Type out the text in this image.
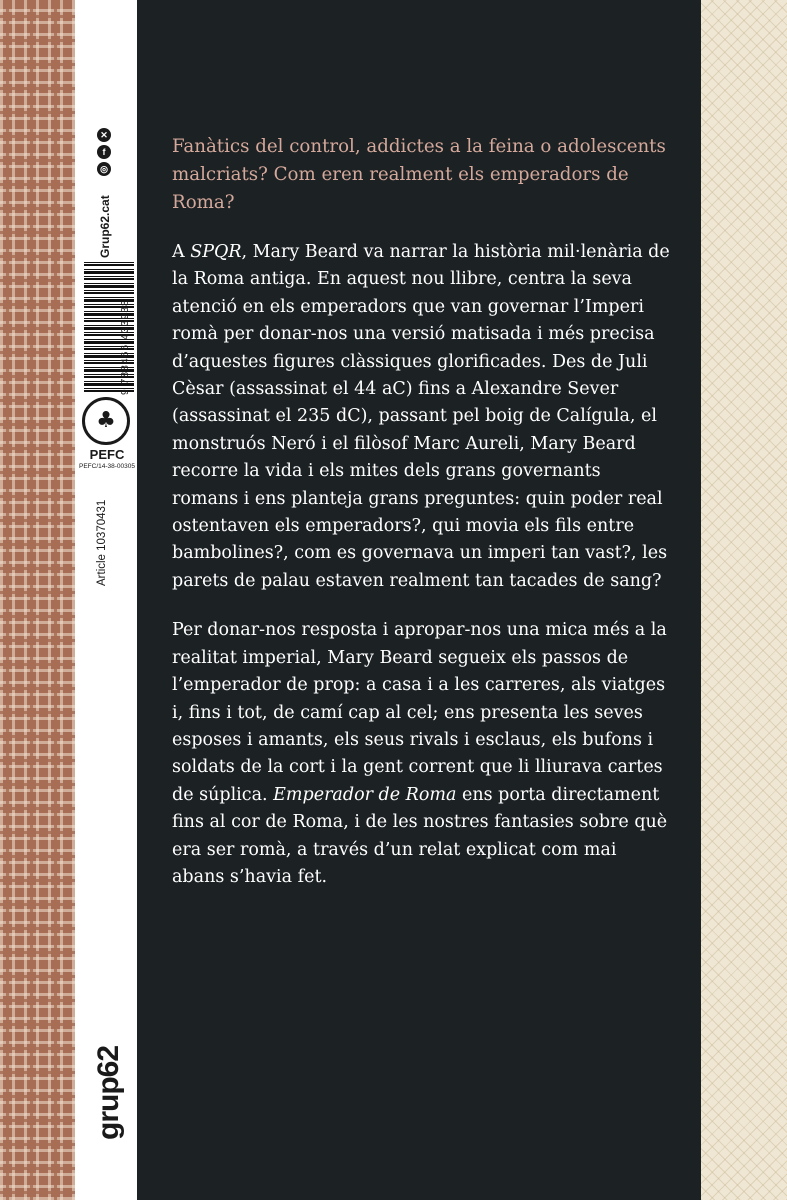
Grup62.cat
◎
f
✕
9 788466 433938
♣
PEFC
PEFC/14-38-00305
Article 10370431
grup62

Fanàtics del control, addictes a la feina o adolescents malcriats? Com eren realment els emperadors de Roma?

A SPQR, Mary Beard va narrar la història mil·lenària de la Roma antiga. En aquest nou llibre, centra la seva atenció en els emperadors que van governar l’Imperi romà per donar-nos una versió matisada i més precisa d’aquestes figures clàssiques glorificades. Des de Juli Cèsar (assassinat el 44 aC) fins a Alexandre Sever (assassinat el 235 dC), passant pel boig de Calígula, el monstruós Neró i el filòsof Marc Aureli, Mary Beard recorre la vida i els mites dels grans governants romans i ens planteja grans preguntes: quin poder real ostentaven els emperadors?, qui movia els fils entre bambolines?, com es governava un imperi tan vast?, les parets de palau estaven realment tan tacades de sang?

Per donar-nos resposta i apropar-nos una mica més a la realitat imperial, Mary Beard segueix els passos de l’emperador de prop: a casa i a les carreres, als viatges i, fins i tot, de camí cap al cel; ens presenta les seves esposes i amants, els seus rivals i esclaus, els bufons i soldats de la cort i la gent corrent que li lliurava cartes de súplica. Emperador de Roma ens porta directament fins al cor de Roma, i de les nostres fantasies sobre què era ser romà, a través d’un relat explicat com mai abans s’havia fet.
